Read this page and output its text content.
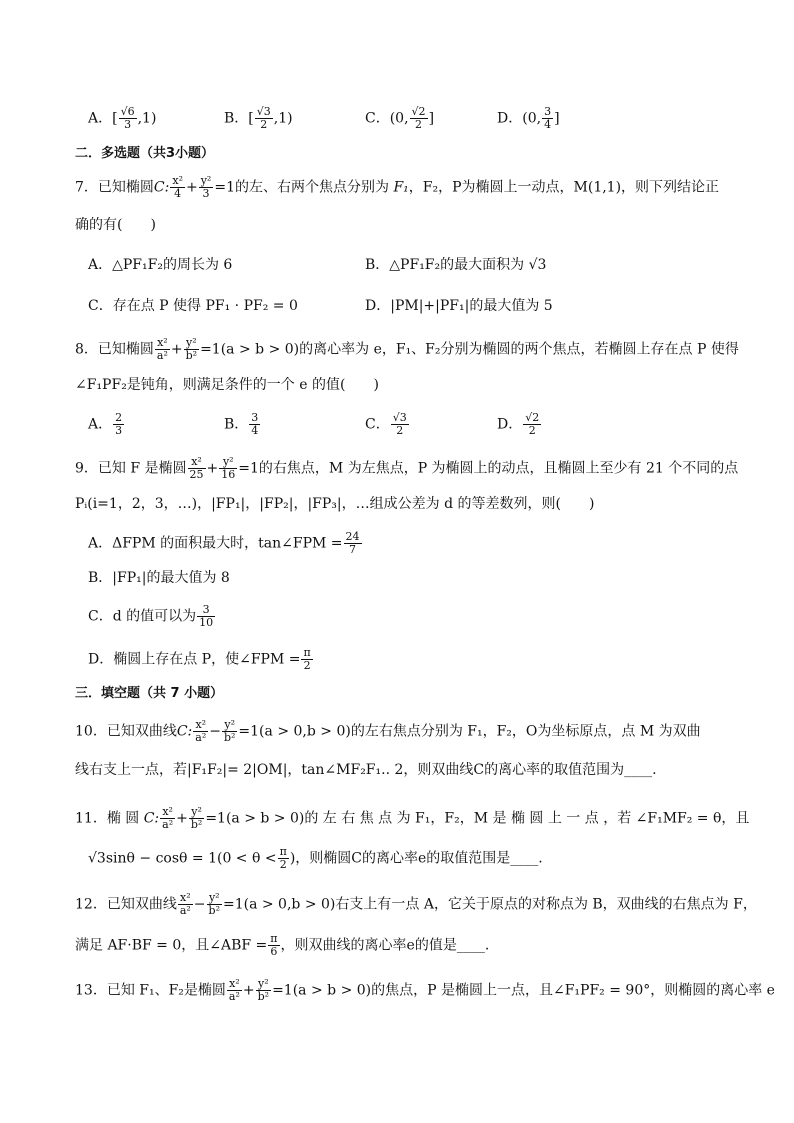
A．[ $\frac{√6}{3} ,1$)	B．[ $\frac{√3}{2} ,1$)	C．(0, $\frac{√2}{2}$ ]	D．(0, $\frac{3}{4}$ ]
二．多选题（共3小题）
7．已知椭圆C: $\frac{\text{x²}}{4} + \frac{\text{y²}}{3} =1$的左、右两个焦点分别为 F₁，F₂，P为椭圆上一动点，M(1,1)，则下列结论正
确的有(　　)
A．△PF₁F₂的周长为 6	B．△PF₁F₂的最大面积为 √3
C．存在点 P 使得 PF₁ · PF₂ = 0	D．|PM|+|PF₁|的最大值为 5
8．已知椭圆 $\frac{\text{x²}}{\text{a²}} + \frac{\text{y²}}{\text{b²}} =1(a > b > 0)$的离心率为 e，F₁、F₂分别为椭圆的两个焦点，若椭圆上存在点 P 使得
∠F₁PF₂是钝角，则满足条件的一个 e 的值(　　)
A． $\frac{2}{3}$	B． $\frac{3}{4}$	C． $\frac{√3}{2}$	D． $\frac{√2}{2}$
9．已知 F 是椭圆 $\frac{\text{x²}}{25} + \frac{\text{y²}}{16} =1$的右焦点，M 为左焦点，P 为椭圆上的动点，且椭圆上至少有 21 个不同的点
Pᵢ(i=1，2，3，…)，|FP₁|，|FP₂|，|FP₃|，…组成公差为 d 的等差数列，则(　　)
A．ΔFPM 的面积最大时，tan∠FPM = $\frac{24}{7}$
B．|FP₁|的最大值为 8
C．d 的值可以为 $\frac{3}{10}$
D．椭圆上存在点 P，使∠FPM = $\frac{\pi}{2}$
三．填空题（共 7 小题）
10．已知双曲线C: $\frac{\text{x²}}{\text{a²}} - \frac{\text{y²}}{\text{b²}} =1(a > 0,b > 0)$的左右焦点分别为 F₁，F₂，O为坐标原点，点 M 为双曲
线右支上一点，若|F₁F₂|= 2|OM|，tan∠MF₂F₁.. 2，则双曲线C的离心率的取值范围为____.
11．椭 圆 C: $\frac{\text{x²}}{\text{a²}} + \frac{\text{y²}}{\text{b²}} =1(a > b > 0)$的 左 右 焦 点 为 F₁，F₂，M 是 椭 圆 上 一 点 ，若 ∠F₁MF₂ = θ，且
$√3\sin\theta - \cos\theta = 1(0 < \theta < \frac{\pi}{2}$ )，则椭圆C的离心率e的取值范围是____.
12．已知双曲线 $\frac{\text{x²}}{\text{a²}} - \frac{\text{y²}}{\text{b²}} =1(a > 0,b > 0)$右支上有一点 A，它关于原点的对称点为 B，双曲线的右焦点为 F，
满足 AF·BF = 0，且∠ABF = $\frac{\pi}{6}$ ，则双曲线的离心率e的值是____.
13．已知 F₁、F₂是椭圆 $\frac{\text{x²}}{\text{a²}} + \frac{\text{y²}}{\text{b²}} =1(a > b > 0)$的焦点，P 是椭圆上一点，且∠F₁PF₂ = 90°，则椭圆的离心率 e
